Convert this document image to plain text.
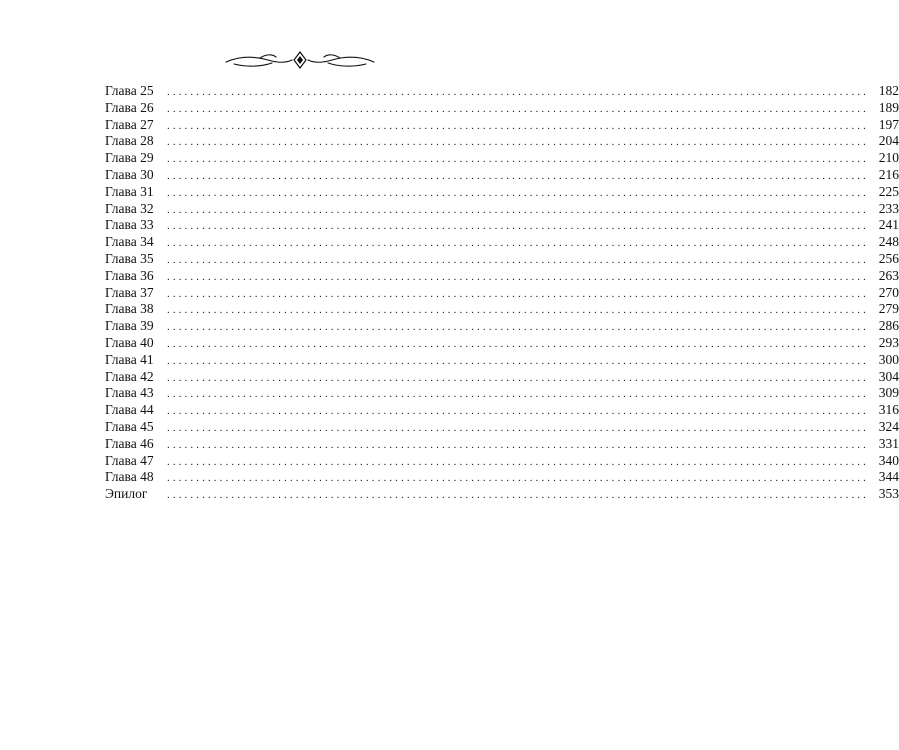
Глава 25	........................................................................................................................ 182
Глава 26	........................................................................................................................ 189
Глава 27	........................................................................................................................ 197
Глава 28	........................................................................................................................ 204
Глава 29	........................................................................................................................ 210
Глава 30	........................................................................................................................ 216
Глава 31	........................................................................................................................ 225
Глава 32	........................................................................................................................ 233
Глава 33	........................................................................................................................ 241
Глава 34	........................................................................................................................ 248
Глава 35	........................................................................................................................ 256
Глава 36	........................................................................................................................ 263
Глава 37	........................................................................................................................ 270
Глава 38	........................................................................................................................ 279
Глава 39	........................................................................................................................ 286
Глава 40	........................................................................................................................ 293
Глава 41	........................................................................................................................ 300
Глава 42	........................................................................................................................ 304
Глава 43	........................................................................................................................ 309
Глава 44	........................................................................................................................ 316
Глава 45	........................................................................................................................ 324
Глава 46	........................................................................................................................ 331
Глава 47	........................................................................................................................ 340
Глава 48	........................................................................................................................ 344
Эпилог	........................................................................................................................ 353
